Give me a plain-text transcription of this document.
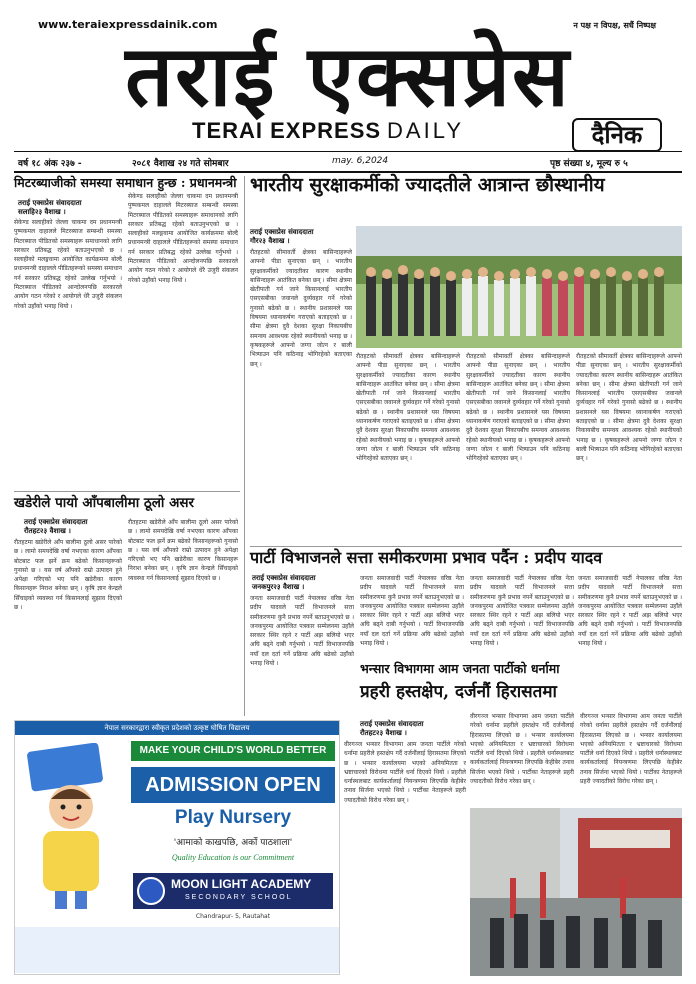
www.teraiexpressdainik.com	न पक्ष न विपक्ष, सधैं निष्पक्ष
तराई एक्सप्रेस
TERAI EXPRESS DAILY	दैनिक
वर्ष १८ अंक २३७ -	२०८१ वैशाख २४ गते सोमबार	may. 6,2024	पृष्ठ संख्या ४, मूल्य रु ५
मिटरब्याजीको समस्या समाधान हुन्छ : प्रधानमन्त्री
तराई एक्सप्रेस संवाददाता
सलाहि२३ वैशाख ।
सेकेण्ड सलाहीको जेल्ला चाकमा दम प्रधानमन्त्री पुष्पकमल दाहालले मिटरब्याज सम्बन्धी समस्या मिटरब्याज पीडितको समस्याहरू समाधानको लागि सरकार प्रतिबद्ध रहेको बताउनुभएको छ । सलाहीको मलङ्गवामा आयोजित कार्यक्रममा बोल्दै प्रधानमन्त्री दाहालले पीडितहरूको समस्या समाधान गर्न सरकार प्रतिबद्ध रहेको उल्लेख गर्नुभयो । मिटरब्याज पीडितको आन्दोलनपछि सरकारले आयोग गठन गरेको र आयोगले धेरै उजुरी संकलन गरेको उहाँको भनाइ थियो ।
सेकेण्ड सलाहीको जेल्ला चाकमा दम प्रधानमन्त्री पुष्पकमल दाहालले मिटरब्याज सम्बन्धी समस्या मिटरब्याज पीडितको समस्याहरू समाधानको लागि सरकार प्रतिबद्ध रहेको बताउनुभएको छ । सलाहीको मलङ्गवामा आयोजित कार्यक्रममा बोल्दै प्रधानमन्त्री दाहालले पीडितहरूको समस्या समाधान गर्न सरकार प्रतिबद्ध रहेको उल्लेख गर्नुभयो । मिटरब्याज पीडितको आन्दोलनपछि सरकारले आयोग गठन गरेको र आयोगले धेरै उजुरी संकलन गरेको उहाँको भनाइ थियो ।
खडेरीले पायो आँपबालीमा ठूलो असर
तराई एक्सप्रेस संवाददाता
रौतहट२३ वैशाख ।
रौतहटमा खडेरीले आँप बालीमा ठूलो असर पारेको छ । लामो समयदेखि वर्षा नभएका कारण आँपका बोटबाट फल झर्ने क्रम बढेको किसानहरूको गुनासो छ । यस वर्ष आँपको राम्रो उत्पादन हुने अपेक्षा गरिएको भए पनि खडेरीका कारण किसानहरू निराश बनेका छन् । कृषि ज्ञान केन्द्रले सिँचाइको व्यवस्था गर्न किसानलाई सुझाव दिएको छ ।
रौतहटमा खडेरीले आँप बालीमा ठूलो असर पारेको छ । लामो समयदेखि वर्षा नभएका कारण आँपका बोटबाट फल झर्ने क्रम बढेको किसानहरूको गुनासो छ । यस वर्ष आँपको राम्रो उत्पादन हुने अपेक्षा गरिएको भए पनि खडेरीका कारण किसानहरू निराश बनेका छन् । कृषि ज्ञान केन्द्रले सिँचाइको व्यवस्था गर्न किसानलाई सुझाव दिएको छ ।
नेपाल सरकारद्वारा स्वीकृत प्रदेशको उत्कृष्ट घोषित विद्यालय
MAKE YOUR CHILD'S WORLD BETTER
ADMISSION OPEN
Play Nursery
'आमाको काखपछि, अर्को पाठशाला'
Quality Education is our Commitment
MOON LIGHT ACADEMY
SECONDARY SCHOOL
Chandrapur- 5, Rautahat
भारतीय सुरक्षाकर्मीको ज्यादतीले आत्रान्त छौस्थानीय
तराई एक्सप्रेस संवाददाता
गौर२३ वैशाख ।
रौतहटको सीमावर्ती क्षेत्रका बासिन्दाहरूले आफ्नो पीडा सुनाएका छन् । भारतीय सुरक्षाकर्मीको ज्यादतीका कारण स्थानीय बासिन्दाहरू आतंकित बनेका छन् । सीमा क्षेत्रमा खेतीपाती गर्न जाने किसानलाई भारतीय एसएसबीका जवानले दुर्व्यवहार गर्ने गरेको गुनासो बढेको छ । स्थानीय प्रशासनले यस विषयमा ध्यानाकर्षण गराएको बताइएको छ । सीमा क्षेत्रमा दुवै देशका सुरक्षा निकायबीच समन्वय आवश्यक रहेको स्थानीयको भनाइ छ । कृषकहरूले आफ्नो जग्गा जोत्न र बाली भित्र्याउन पनि कठिनाइ भोगिरहेको बताएका छन् ।
रौतहटको सीमावर्ती क्षेत्रका बासिन्दाहरूले आफ्नो पीडा सुनाएका छन् । भारतीय सुरक्षाकर्मीको ज्यादतीका कारण स्थानीय बासिन्दाहरू आतंकित बनेका छन् । सीमा क्षेत्रमा खेतीपाती गर्न जाने किसानलाई भारतीय एसएसबीका जवानले दुर्व्यवहार गर्ने गरेको गुनासो बढेको छ । स्थानीय प्रशासनले यस विषयमा ध्यानाकर्षण गराएको बताइएको छ । सीमा क्षेत्रमा दुवै देशका सुरक्षा निकायबीच समन्वय आवश्यक रहेको स्थानीयको भनाइ छ । कृषकहरूले आफ्नो जग्गा जोत्न र बाली भित्र्याउन पनि कठिनाइ भोगिरहेको बताएका छन् ।
रौतहटको सीमावर्ती क्षेत्रका बासिन्दाहरूले आफ्नो पीडा सुनाएका छन् । भारतीय सुरक्षाकर्मीको ज्यादतीका कारण स्थानीय बासिन्दाहरू आतंकित बनेका छन् । सीमा क्षेत्रमा खेतीपाती गर्न जाने किसानलाई भारतीय एसएसबीका जवानले दुर्व्यवहार गर्ने गरेको गुनासो बढेको छ । स्थानीय प्रशासनले यस विषयमा ध्यानाकर्षण गराएको बताइएको छ । सीमा क्षेत्रमा दुवै देशका सुरक्षा निकायबीच समन्वय आवश्यक रहेको स्थानीयको भनाइ छ । कृषकहरूले आफ्नो जग्गा जोत्न र बाली भित्र्याउन पनि कठिनाइ भोगिरहेको बताएका छन् ।
रौतहटको सीमावर्ती क्षेत्रका बासिन्दाहरूले आफ्नो पीडा सुनाएका छन् । भारतीय सुरक्षाकर्मीको ज्यादतीका कारण स्थानीय बासिन्दाहरू आतंकित बनेका छन् । सीमा क्षेत्रमा खेतीपाती गर्न जाने किसानलाई भारतीय एसएसबीका जवानले दुर्व्यवहार गर्ने गरेको गुनासो बढेको छ । स्थानीय प्रशासनले यस विषयमा ध्यानाकर्षण गराएको बताइएको छ । सीमा क्षेत्रमा दुवै देशका सुरक्षा निकायबीच समन्वय आवश्यक रहेको स्थानीयको भनाइ छ । कृषकहरूले आफ्नो जग्गा जोत्न र बाली भित्र्याउन पनि कठिनाइ भोगिरहेको बताएका छन् ।
पार्टी विभाजनले सत्ता समीकरणमा प्रभाव पर्दैन : प्रदीप यादव
तराई एक्सप्रेस संवाददाता
जनकपुर२३ वैशाख ।
जनता समाजवादी पार्टी नेपालका वरिष्ठ नेता प्रदीप यादवले पार्टी विभाजनले सत्ता समीकरणमा कुनै प्रभाव नपर्ने बताउनुभएको छ । जनकपुरमा आयोजित पत्रकार सम्मेलनमा उहाँले सरकार स्थिर रहने र पार्टी अझ बलियो भएर अघि बढ्ने दाबी गर्नुभयो । पार्टी विभाजनपछि नयाँ दल दर्ता गर्ने प्रक्रिया अघि बढेको उहाँको भनाइ थियो ।
जनता समाजवादी पार्टी नेपालका वरिष्ठ नेता प्रदीप यादवले पार्टी विभाजनले सत्ता समीकरणमा कुनै प्रभाव नपर्ने बताउनुभएको छ । जनकपुरमा आयोजित पत्रकार सम्मेलनमा उहाँले सरकार स्थिर रहने र पार्टी अझ बलियो भएर अघि बढ्ने दाबी गर्नुभयो । पार्टी विभाजनपछि नयाँ दल दर्ता गर्ने प्रक्रिया अघि बढेको उहाँको भनाइ थियो ।
जनता समाजवादी पार्टी नेपालका वरिष्ठ नेता प्रदीप यादवले पार्टी विभाजनले सत्ता समीकरणमा कुनै प्रभाव नपर्ने बताउनुभएको छ । जनकपुरमा आयोजित पत्रकार सम्मेलनमा उहाँले सरकार स्थिर रहने र पार्टी अझ बलियो भएर अघि बढ्ने दाबी गर्नुभयो । पार्टी विभाजनपछि नयाँ दल दर्ता गर्ने प्रक्रिया अघि बढेको उहाँको भनाइ थियो ।
जनता समाजवादी पार्टी नेपालका वरिष्ठ नेता प्रदीप यादवले पार्टी विभाजनले सत्ता समीकरणमा कुनै प्रभाव नपर्ने बताउनुभएको छ । जनकपुरमा आयोजित पत्रकार सम्मेलनमा उहाँले सरकार स्थिर रहने र पार्टी अझ बलियो भएर अघि बढ्ने दाबी गर्नुभयो । पार्टी विभाजनपछि नयाँ दल दर्ता गर्ने प्रक्रिया अघि बढेको उहाँको भनाइ थियो ।
भन्सार विभागमा आम जनता पार्टीको धर्नामा
प्रहरी हस्तक्षेप, दर्जनौं हिरासतमा
तराई एक्सप्रेस संवाददाता
रौतहट२३ वैशाख ।
वीरगञ्ज भन्सार विभागमा आम जनता पार्टीले गरेको धर्नामा प्रहरीले हस्तक्षेप गर्दै दर्जनौंलाई हिरासतमा लिएको छ । भन्सार कार्यालयमा भएको अनियमितता र भ्रष्टाचारको विरोधमा पार्टीले धर्ना दिएको थियो । प्रहरीले धर्नास्थलबाट कार्यकर्तालाई नियन्त्रणमा लिएपछि केहीबेर तनाव सिर्जना भएको थियो । पार्टीका नेताहरूले प्रहरी ज्यादतीको विरोध गरेका छन् ।
वीरगञ्ज भन्सार विभागमा आम जनता पार्टीले गरेको धर्नामा प्रहरीले हस्तक्षेप गर्दै दर्जनौंलाई हिरासतमा लिएको छ । भन्सार कार्यालयमा भएको अनियमितता र भ्रष्टाचारको विरोधमा पार्टीले धर्ना दिएको थियो । प्रहरीले धर्नास्थलबाट कार्यकर्तालाई नियन्त्रणमा लिएपछि केहीबेर तनाव सिर्जना भएको थियो । पार्टीका नेताहरूले प्रहरी ज्यादतीको विरोध गरेका छन् ।
वीरगञ्ज भन्सार विभागमा आम जनता पार्टीले गरेको धर्नामा प्रहरीले हस्तक्षेप गर्दै दर्जनौंलाई हिरासतमा लिएको छ । भन्सार कार्यालयमा भएको अनियमितता र भ्रष्टाचारको विरोधमा पार्टीले धर्ना दिएको थियो । प्रहरीले धर्नास्थलबाट कार्यकर्तालाई नियन्त्रणमा लिएपछि केहीबेर तनाव सिर्जना भएको थियो । पार्टीका नेताहरूले प्रहरी ज्यादतीको विरोध गरेका छन् ।
